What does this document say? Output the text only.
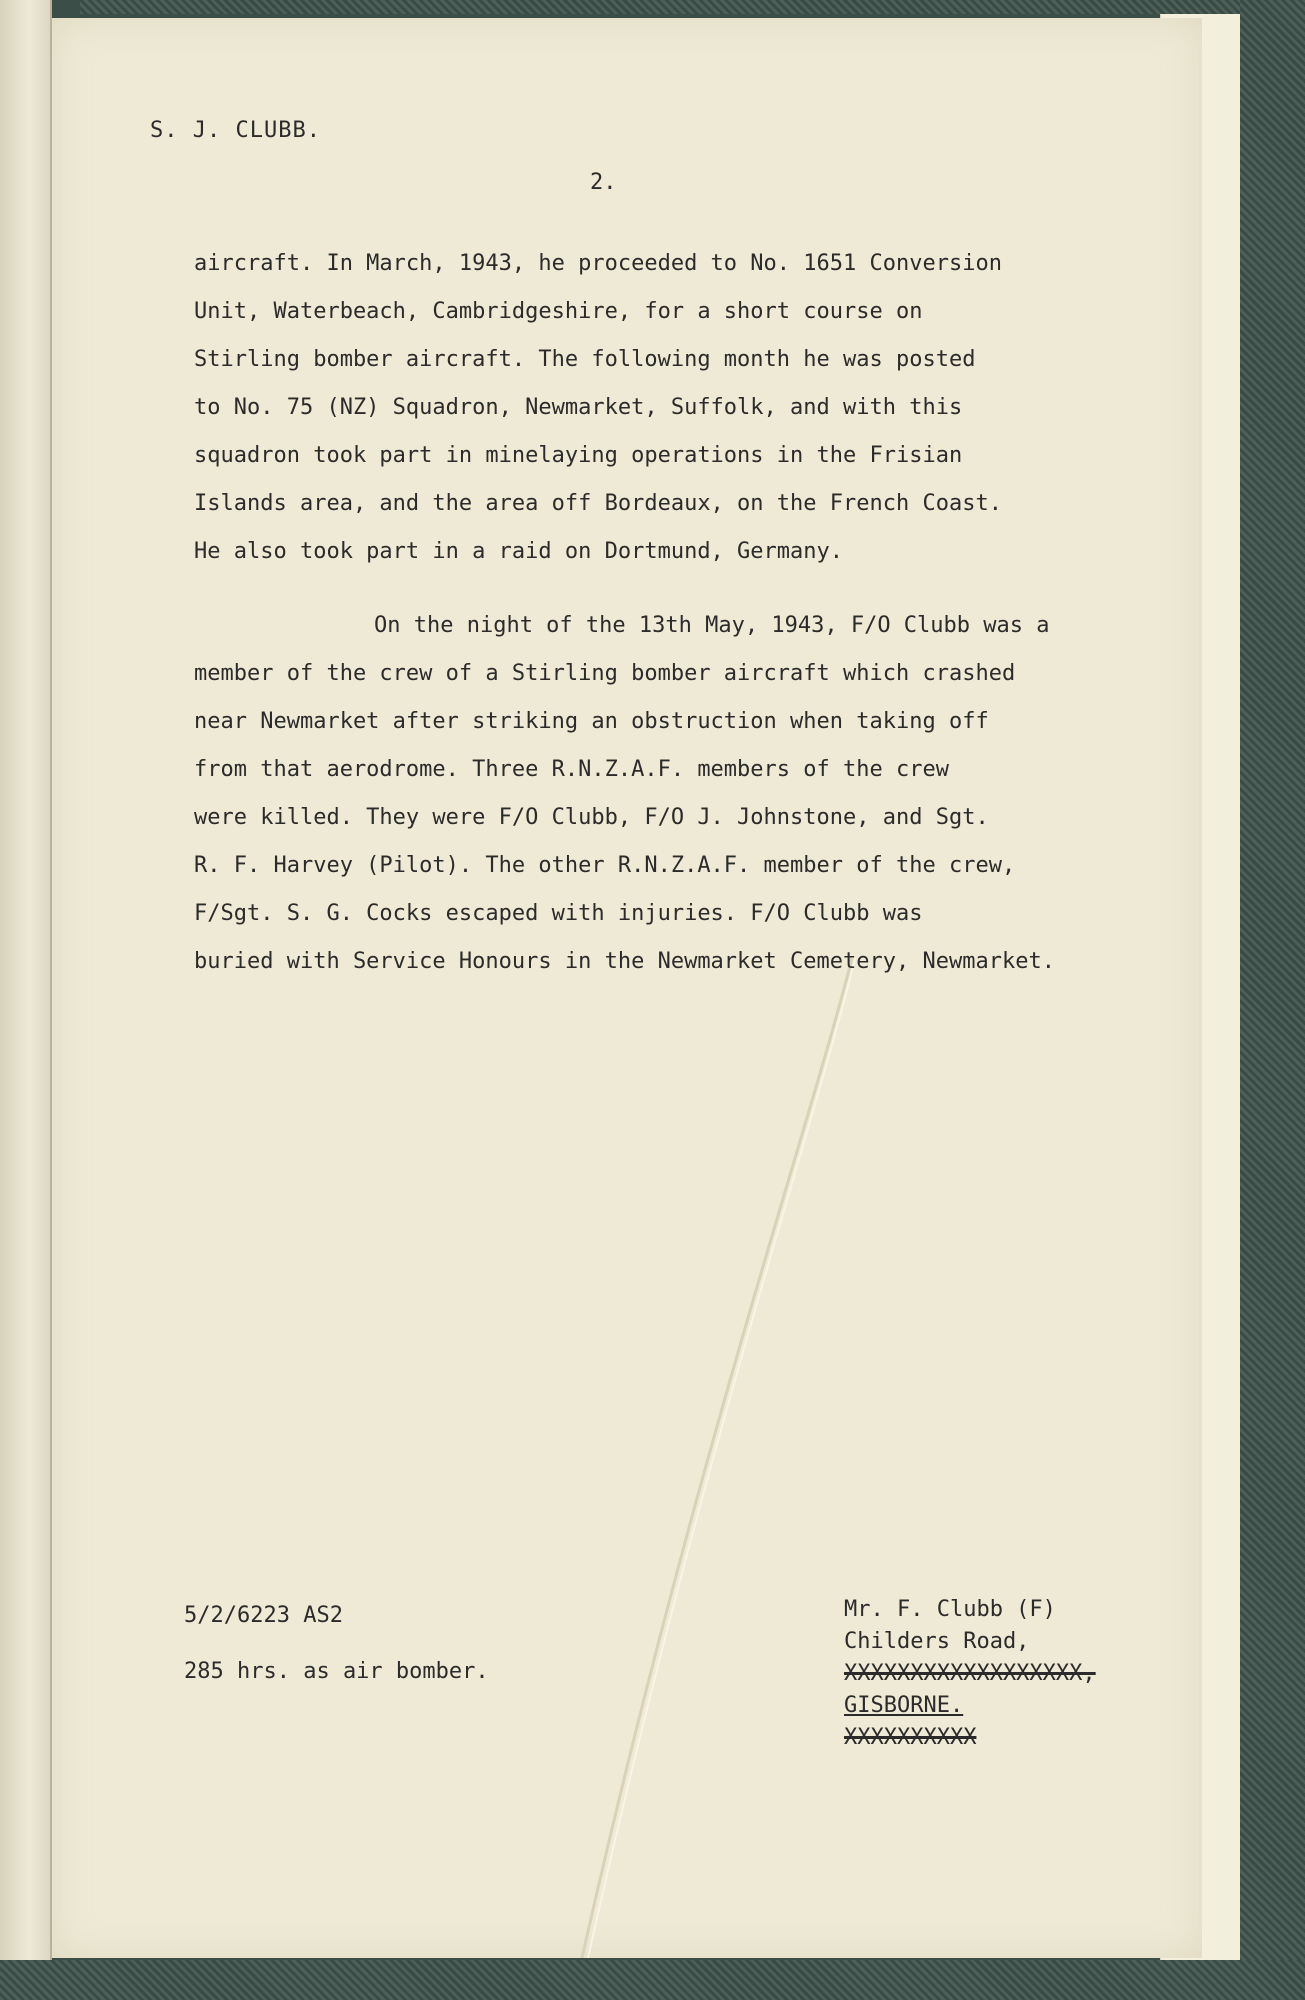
S. J. CLUBB.
2.
aircraft. In March, 1943, he proceeded to No. 1651 Conversion
Unit, Waterbeach, Cambridgeshire, for a short course on
Stirling bomber aircraft. The following month he was posted
to No. 75 (NZ) Squadron, Newmarket, Suffolk, and with this
squadron took part in minelaying operations in the Frisian
Islands area, and the area off Bordeaux, on the French Coast.
He also took part in a raid on Dortmund, Germany.
On the night of the 13th May, 1943, F/O Clubb was a
member of the crew of a Stirling bomber aircraft which crashed
near Newmarket after striking an obstruction when taking off
from that aerodrome. Three R.N.Z.A.F. members of the crew
were killed. They were F/O Clubb, F/O J. Johnstone, and Sgt.
R. F. Harvey (Pilot). The other R.N.Z.A.F. member of the crew,
F/Sgt. S. G. Cocks escaped with injuries. F/O Clubb was
buried with Service Honours in the Newmarket Cemetery, Newmarket.
5/2/6223 AS2
285 hrs. as air bomber.
Mr. F. Clubb (F)
Childers Road,
XXXXXXXXXXXXXXXXXX,
GISBORNE.
XXXXXXXXXX
